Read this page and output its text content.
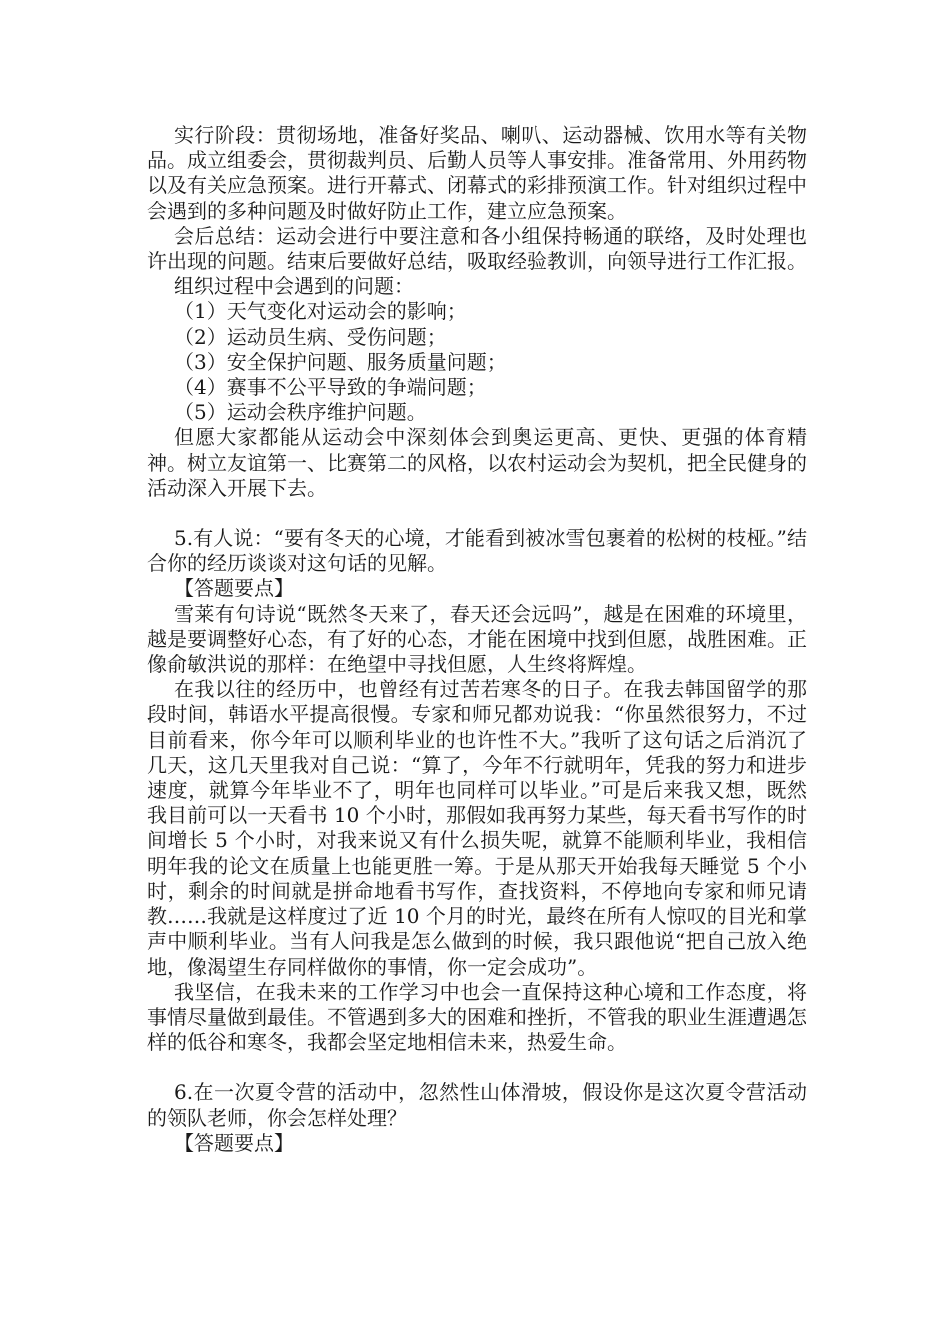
实行阶段：贯彻场地，准备好奖品、喇叭、运动器械、饮用水等有关物品。成立组委会，贯彻裁判员、后勤人员等人事安排。准备常用、外用药物以及有关应急预案。进行开幕式、闭幕式的彩排预演工作。针对组织过程中会遇到的多种问题及时做好防止工作，建立应急预案。

会后总结：运动会进行中要注意和各小组保持畅通的联络，及时处理也许出现的问题。结束后要做好总结，吸取经验教训，向领导进行工作汇报。

组织过程中会遇到的问题：

（1）天气变化对运动会的影响；

（2）运动员生病、受伤问题；

（3）安全保护问题、服务质量问题；

（4）赛事不公平导致的争端问题；

（5）运动会秩序维护问题。

但愿大家都能从运动会中深刻体会到奥运更高、更快、更强的体育精神。树立友谊第一、比赛第二的风格，以农村运动会为契机，把全民健身的活动深入开展下去。

5.有人说：“要有冬天的心境，才能看到被冰雪包裹着的松树的枝桠。”结合你的经历谈谈对这句话的见解。

【答题要点】

雪莱有句诗说“既然冬天来了，春天还会远吗”，越是在困难的环境里，越是要调整好心态，有了好的心态，才能在困境中找到但愿，战胜困难。正像俞敏洪说的那样：在绝望中寻找但愿，人生终将辉煌。

在我以往的经历中，也曾经有过苦若寒冬的日子。在我去韩国留学的那段时间，韩语水平提高很慢。专家和师兄都劝说我：“你虽然很努力，不过目前看来，你今年可以顺利毕业的也许性不大。”我听了这句话之后消沉了几天，这几天里我对自己说：“算了，今年不行就明年，凭我的努力和进步速度，就算今年毕业不了，明年也同样可以毕业。”可是后来我又想，既然我目前可以一天看书 10 个小时，那假如我再努力某些，每天看书写作的时间增长 5 个小时，对我来说又有什么损失呢，就算不能顺利毕业，我相信明年我的论文在质量上也能更胜一筹。于是从那天开始我每天睡觉 5 个小时，剩余的时间就是拼命地看书写作，查找资料，不停地向专家和师兄请教……我就是这样度过了近 10 个月的时光，最终在所有人惊叹的目光和掌声中顺利毕业。当有人问我是怎么做到的时候，我只跟他说“把自己放入绝地，像渴望生存同样做你的事情，你一定会成功”。

我坚信，在我未来的工作学习中也会一直保持这种心境和工作态度，将事情尽量做到最佳。不管遇到多大的困难和挫折，不管我的职业生涯遭遇怎样的低谷和寒冬，我都会坚定地相信未来，热爱生命。

6.在一次夏令营的活动中，忽然性山体滑坡，假设你是这次夏令营活动的领队老师，你会怎样处理？

【答题要点】
